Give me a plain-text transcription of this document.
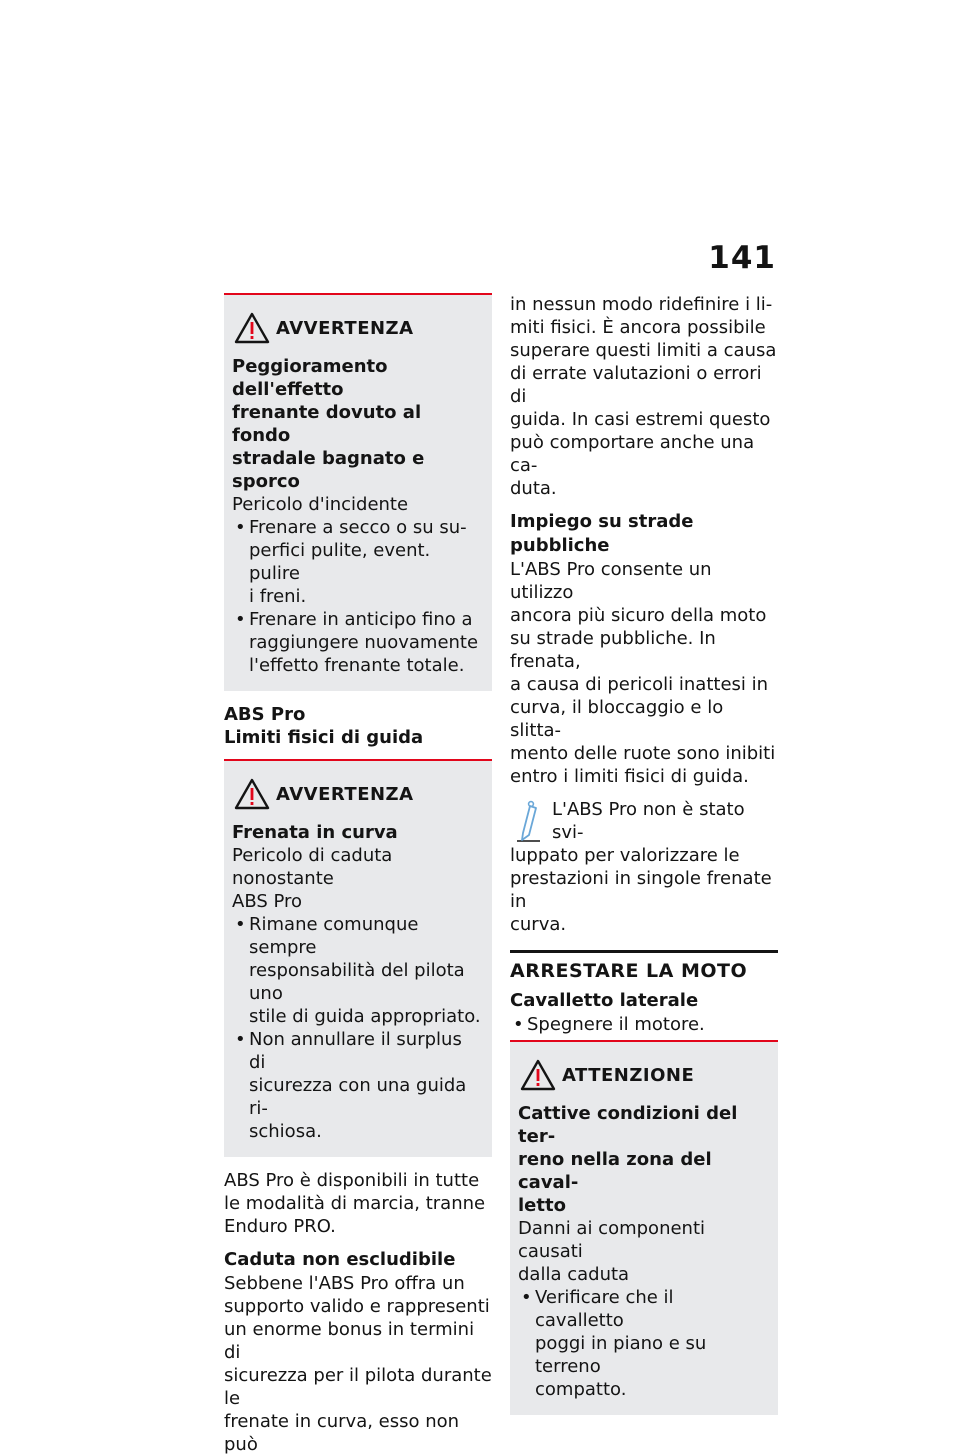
141
AVVERTENZA
Peggioramento dell'effetto
frenante dovuto al fondo
stradale bagnato e sporco

Pericolo d'incidente

• Frenare a secco o su su-
perfici pulite, event. pulire
i freni.
• Frenare in anticipo fino a
raggiungere nuovamente
l'effetto frenante totale.
ABS Pro
Limiti fisici di guida
AVVERTENZA
Frenata in curva

Pericolo di caduta nonostante
ABS Pro

• Rimane comunque sempre
responsabilità del pilota uno
stile di guida appropriato.
• Non annullare il surplus di
sicurezza con una guida ri-
schiosa.

ABS Pro è disponibili in tutte
le modalità di marcia, tranne
Enduro PRO.

Caduta non escludibile

Sebbene l'ABS Pro offra un
supporto valido e rappresenti
un enorme bonus in termini di
sicurezza per il pilota durante le
frenate in curva, esso non può

in nessun modo ridefinire i li-
miti fisici. È ancora possibile
superare questi limiti a causa
di errate valutazioni o errori di
guida. In casi estremi questo
può comportare anche una ca-
duta.

Impiego su strade pubbliche

L'ABS Pro consente un utilizzo
ancora più sicuro della moto
su strade pubbliche. In frenata,
a causa di pericoli inattesi in
curva, il bloccaggio e lo slitta-
mento delle ruote sono inibiti
entro i limiti fisici di guida.

L'ABS Pro non è stato svi-
luppato per valorizzare le
prestazioni in singole frenate in
curva.

ARRESTARE LA MOTO
Cavalletto laterale
• Spegnere il motore.
ATTENZIONE
Cattive condizioni del ter-
reno nella zona del caval-
letto

Danni ai componenti causati
dalla caduta

• Verificare che il cavalletto
poggi in piano e su terreno
compatto.
